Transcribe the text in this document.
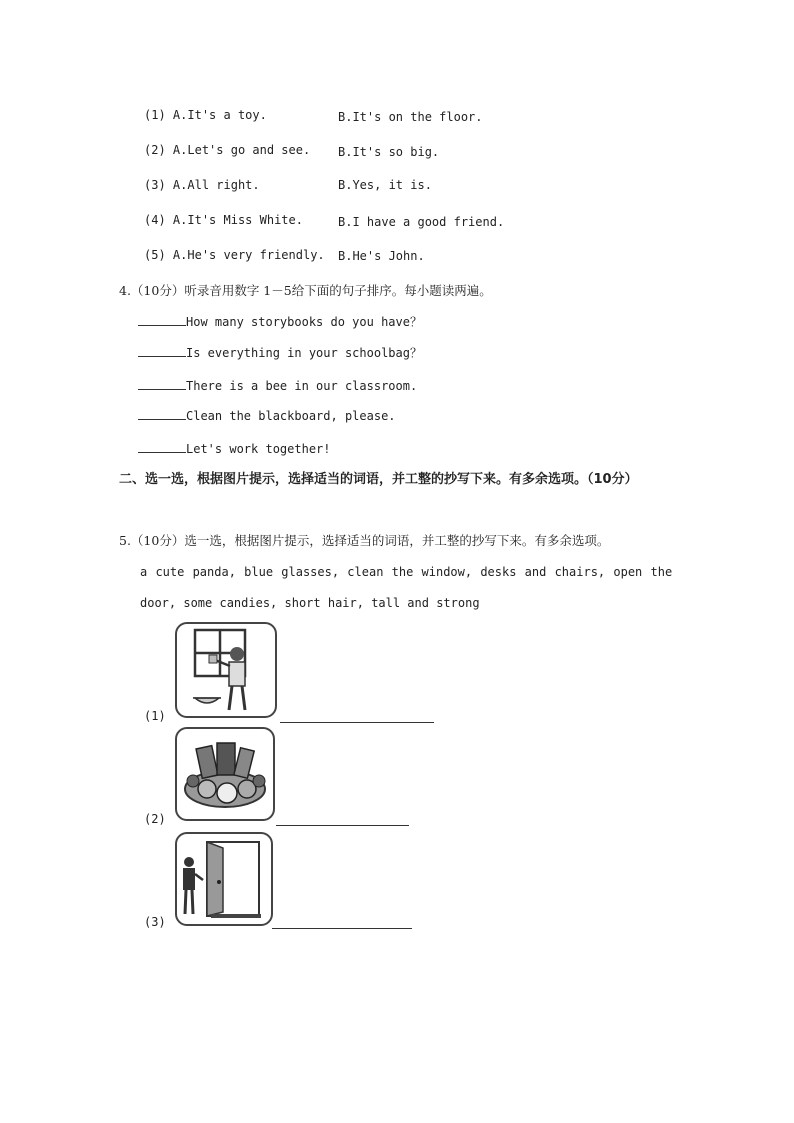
(1) A.It's a toy.	B.It's on the floor.
(2) A.Let's go and see. B.It's so big.
(3) A.All right.	B.Yes, it is.
(4) A.It's Miss White.	B.I have a good friend.
(5) A.He's very friendly. B.He's John.
4.（10分）听录音用数字 1－5给下面的句子排序。每小题读两遍。
How many storybooks do you have？
Is everything in your schoolbag？
There is a bee in our classroom.
Clean the blackboard, please.
Let's work together!
二、选一选，根据图片提示，选择适当的词语，并工整的抄写下来。有多余选项。（10分）
5.（10分）选一选，根据图片提示，选择适当的词语，并工整的抄写下来。有多余选项。
a cute panda, blue glasses, clean the window, desks and chairs, open the
door, some candies, short hair, tall and strong
(1)
(2)
(3)
